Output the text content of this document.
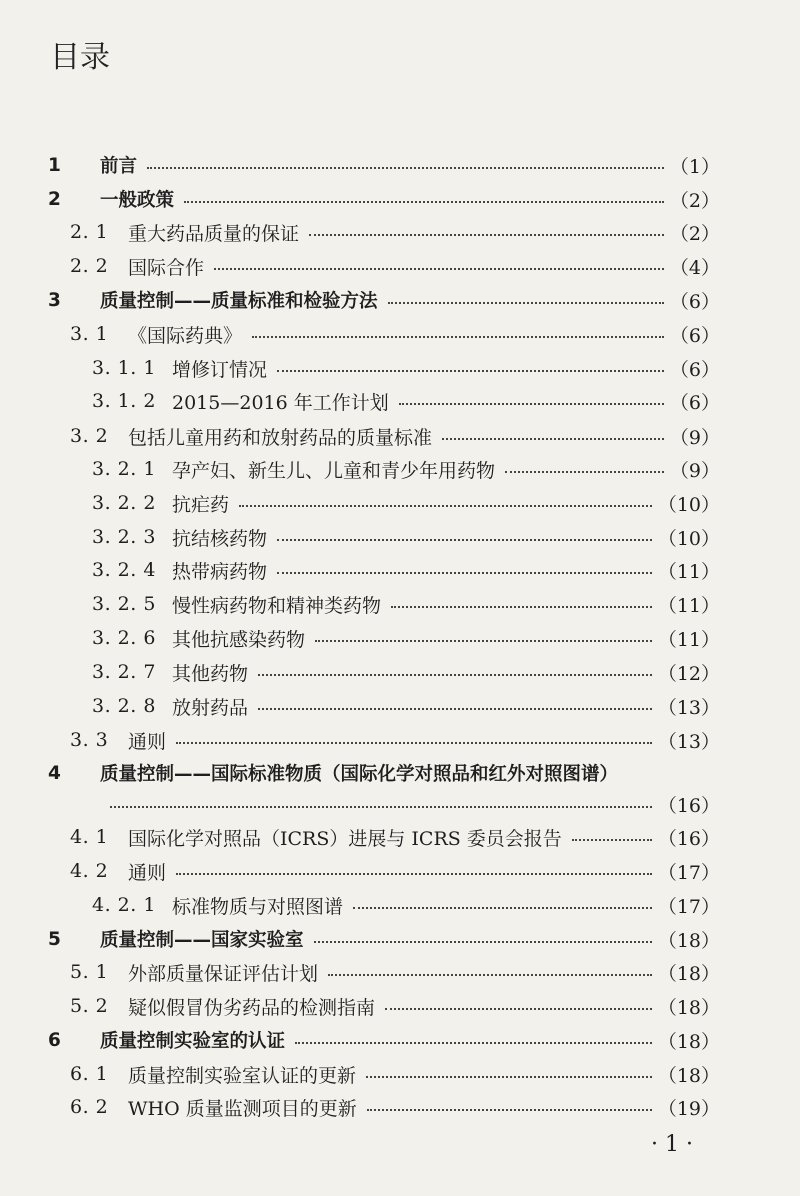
目录
1	前言	（1）
2	一般政策	（2）
2. 1	重大药品质量的保证	（2）
2. 2	国际合作	（4）
3	质量控制——质量标准和检验方法	（6）
3. 1	《国际药典》	（6）
3. 1. 1 增修订情况	（6）
3. 1. 2 2015—2016 年工作计划	（6）
3. 2	包括儿童用药和放射药品的质量标准	（9）
3. 2. 1 孕产妇、新生儿、儿童和青少年用药物	（9）
3. 2. 2 抗疟药	（10）
3. 2. 3 抗结核药物	（10）
3. 2. 4 热带病药物	（11）
3. 2. 5 慢性病药物和精神类药物	（11）
3. 2. 6 其他抗感染药物	（11）
3. 2. 7 其他药物	（12）
3. 2. 8 放射药品	（13）
3. 3	通则	（13）
4	质量控制——国际标准物质（国际化学对照品和红外对照图谱）
（16）
4. 1	国际化学对照品（ICRS）进展与 ICRS 委员会报告	（16）
4. 2	通则	（17）
4. 2. 1 标准物质与对照图谱	（17）
5	质量控制——国家实验室	（18）
5. 1	外部质量保证评估计划	（18）
5. 2	疑似假冒伪劣药品的检测指南	（18）
6	质量控制实验室的认证	（18）
6. 1	质量控制实验室认证的更新	（18）
6. 2	WHO 质量监测项目的更新	（19）
· 1 ·
